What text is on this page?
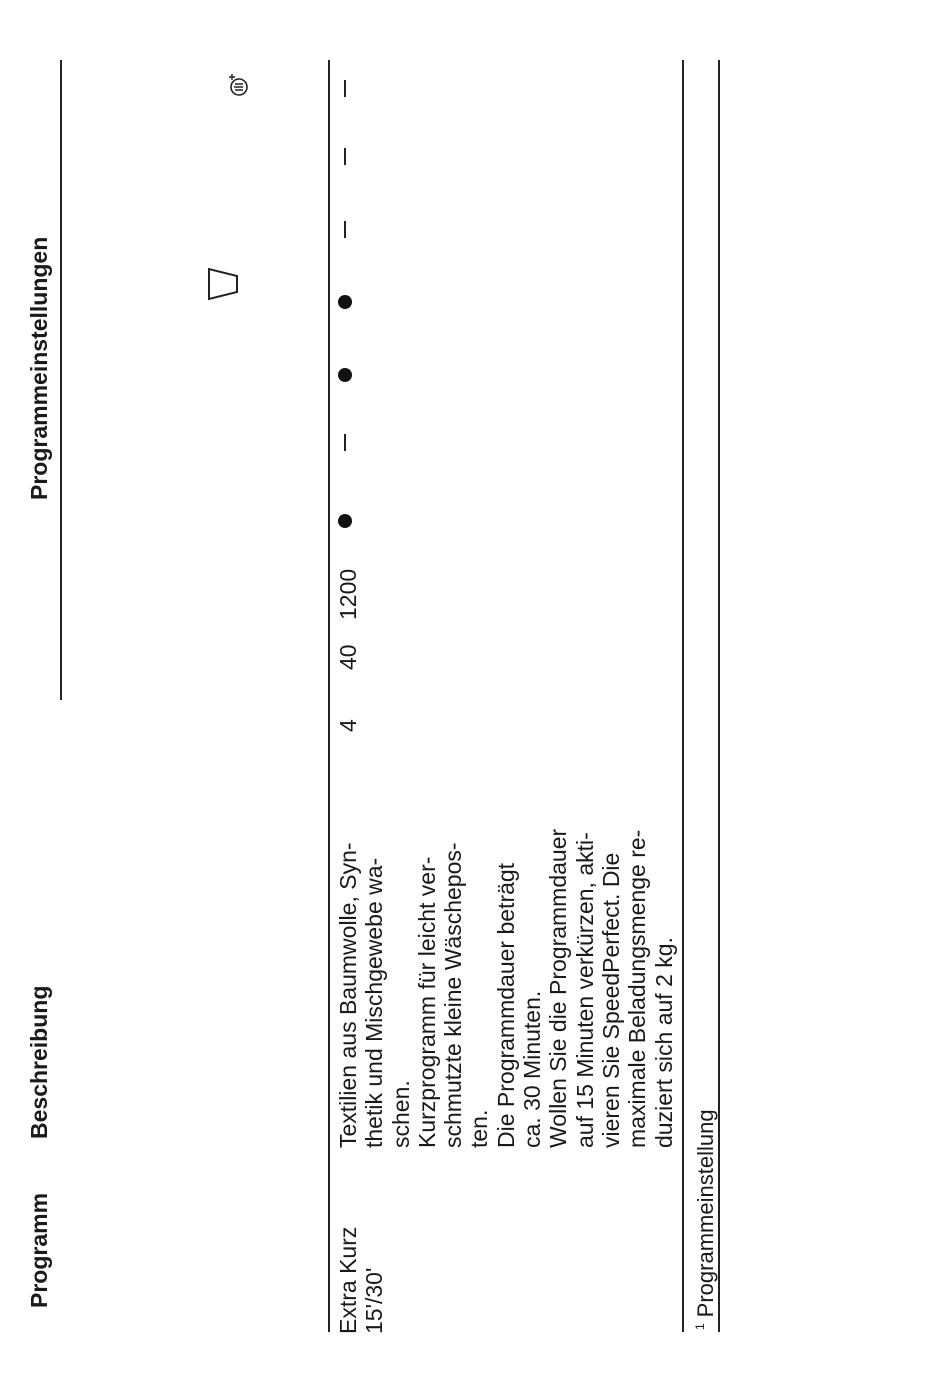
Programm
Beschreibung
Programmeinstellungen
Extra Kurz 15'/30'
Textilien aus Baumwolle, Syn- thetik und Mischgewebe wa- schen. Kurzprogramm für leicht ver- schmutzte kleine Wäschepos- ten. Die Programmdauer beträgt ca. 30 Minuten. Wollen Sie die Programmdauer auf 15 Minuten verkürzen, akti- vieren Sie SpeedPerfect. Die maximale Beladungsmenge re- duziert sich auf 2 kg.
4
40
1200
$^1$Programmeinstellung
